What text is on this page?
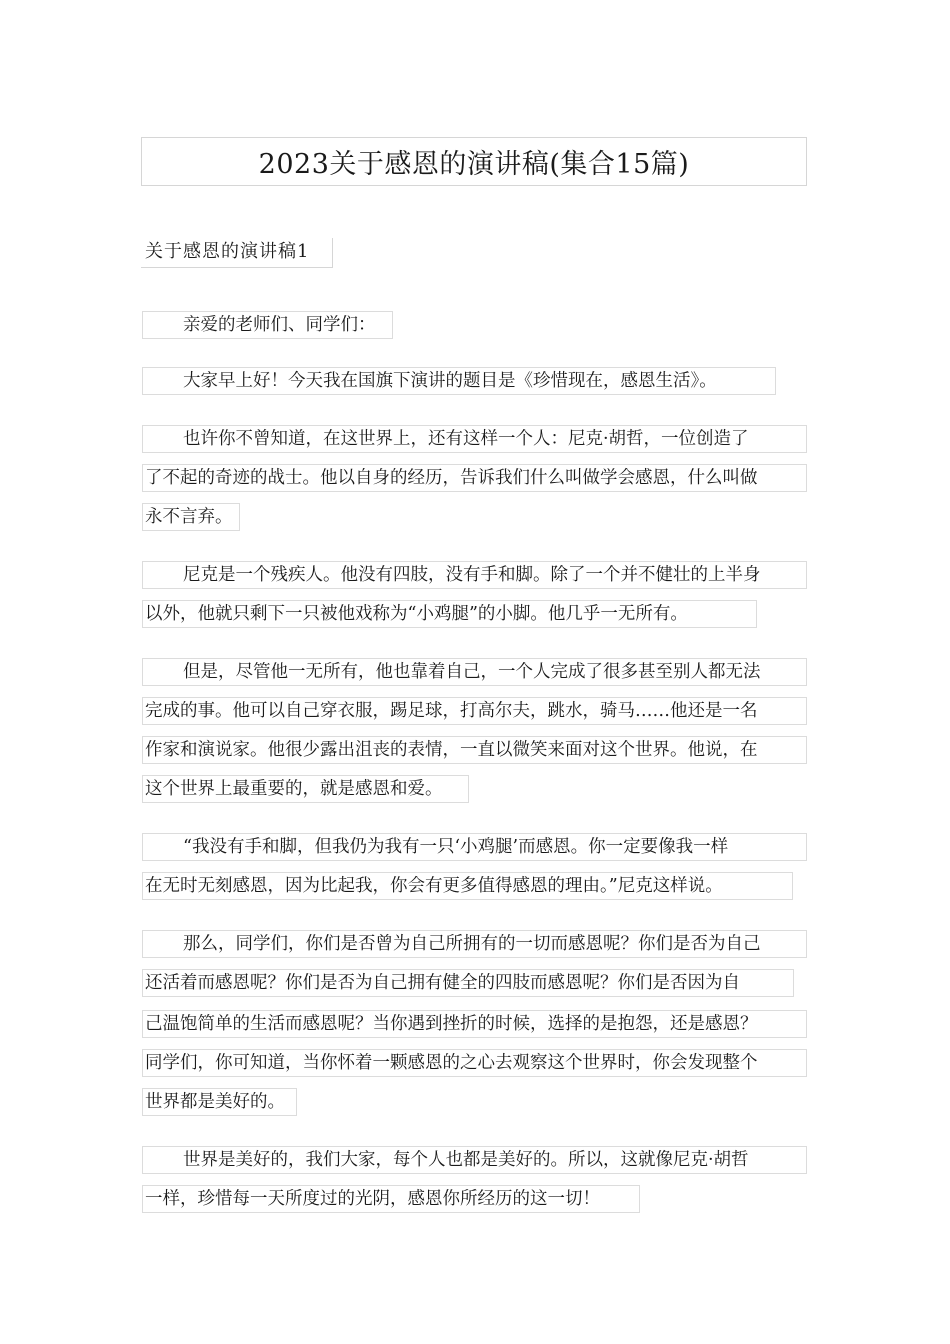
2023关于感恩的演讲稿(集合15篇)
关于感恩的演讲稿1
亲爱的老师们、同学们：
大家早上好！今天我在国旗下演讲的题目是《珍惜现在，感恩生活》。
也许你不曾知道，在这世界上，还有这样一个人：尼克·胡哲，一位创造了
了不起的奇迹的战士。他以自身的经历，告诉我们什么叫做学会感恩，什么叫做
永不言弃。
尼克是一个残疾人。他没有四肢，没有手和脚。除了一个并不健壮的上半身
以外，他就只剩下一只被他戏称为“小鸡腿”的小脚。他几乎一无所有。
但是，尽管他一无所有，他也靠着自己，一个人完成了很多甚至别人都无法
完成的事。他可以自己穿衣服，踢足球，打高尔夫，跳水，骑马……他还是一名
作家和演说家。他很少露出沮丧的表情，一直以微笑来面对这个世界。他说，在
这个世界上最重要的，就是感恩和爱。
“我没有手和脚，但我仍为我有一只‘小鸡腿’而感恩。你一定要像我一样
在无时无刻感恩，因为比起我，你会有更多值得感恩的理由。”尼克这样说。
那么，同学们，你们是否曾为自己所拥有的一切而感恩呢？你们是否为自己
还活着而感恩呢？你们是否为自己拥有健全的四肢而感恩呢？你们是否因为自
己温饱简单的生活而感恩呢？当你遇到挫折的时候，选择的是抱怨，还是感恩？
同学们，你可知道，当你怀着一颗感恩的之心去观察这个世界时，你会发现整个
世界都是美好的。
世界是美好的，我们大家，每个人也都是美好的。所以，这就像尼克·胡哲
一样，珍惜每一天所度过的光阴，感恩你所经历的这一切！
